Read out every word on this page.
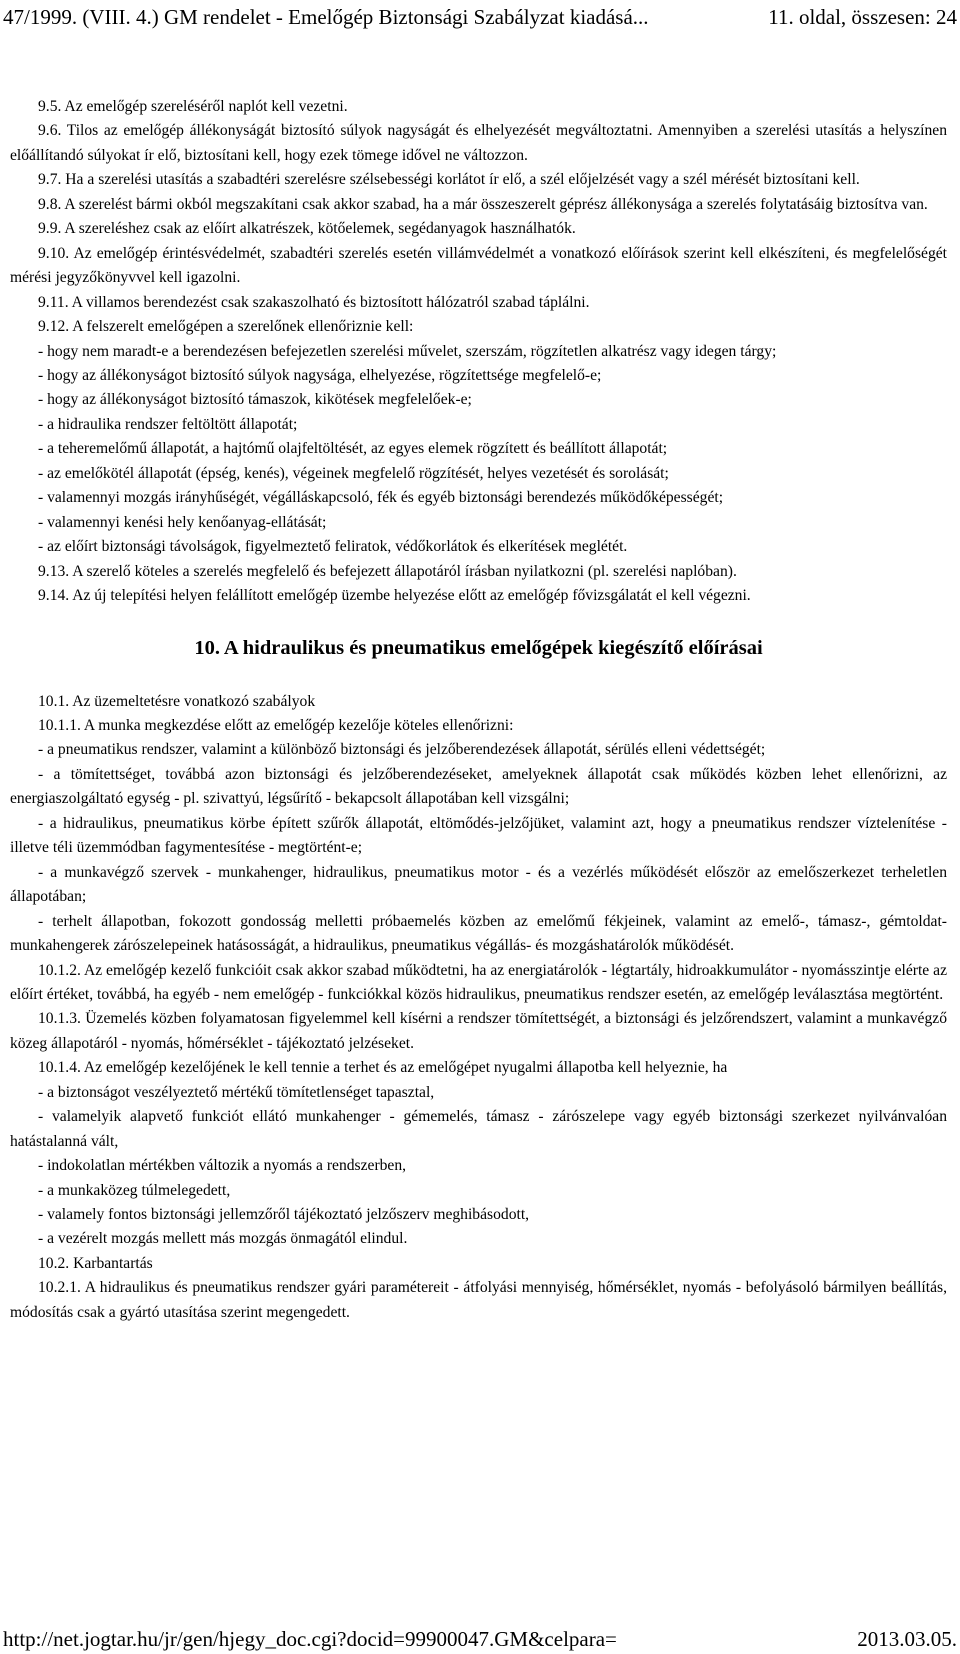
47/1999. (VIII. 4.) GM rendelet - Emelőgép Biztonsági Szabályzat kiadásá...	11. oldal, összesen: 24

9.5. Az emelőgép szereléséről naplót kell vezetni.

9.6. Tilos az emelőgép állékonyságát biztosító súlyok nagyságát és elhelyezését megváltoztatni. Amennyiben a szerelési utasítás a helyszínen előállítandó súlyokat ír elő, biztosítani kell, hogy ezek tömege idővel ne változzon.

9.7. Ha a szerelési utasítás a szabadtéri szerelésre szélsebességi korlátot ír elő, a szél előjelzését vagy a szél mérését biztosítani kell.

9.8. A szerelést bármi okból megszakítani csak akkor szabad, ha a már összeszerelt géprész állékonysága a szerelés folytatásáig biztosítva van.

9.9. A szereléshez csak az előírt alkatrészek, kötőelemek, segédanyagok használhatók.

9.10. Az emelőgép érintésvédelmét, szabadtéri szerelés esetén villámvédelmét a vonatkozó előírások szerint kell elkészíteni, és megfelelőségét mérési jegyzőkönyvvel kell igazolni.

9.11. A villamos berendezést csak szakaszolható és biztosított hálózatról szabad táplálni.

9.12. A felszerelt emelőgépen a szerelőnek ellenőriznie kell:

- hogy nem maradt-e a berendezésen befejezetlen szerelési művelet, szerszám, rögzítetlen alkatrész vagy idegen tárgy;

- hogy az állékonyságot biztosító súlyok nagysága, elhelyezése, rögzítettsége megfelelő-e;

- hogy az állékonyságot biztosító támaszok, kikötések megfelelőek-e;

- a hidraulika rendszer feltöltött állapotát;

- a teheremelőmű állapotát, a hajtómű olajfeltöltését, az egyes elemek rögzített és beállított állapotát;

- az emelőkötél állapotát (épség, kenés), végeinek megfelelő rögzítését, helyes vezetését és sorolását;

- valamennyi mozgás irányhűségét, végálláskapcsoló, fék és egyéb biztonsági berendezés működőképességét;

- valamennyi kenési hely kenőanyag-ellátását;

- az előírt biztonsági távolságok, figyelmeztető feliratok, védőkorlátok és elkerítések meglétét.

9.13. A szerelő köteles a szerelés megfelelő és befejezett állapotáról írásban nyilatkozni (pl. szerelési naplóban).

9.14. Az új telepítési helyen felállított emelőgép üzembe helyezése előtt az emelőgép fővizsgálatát el kell végezni.

10. A hidraulikus és pneumatikus emelőgépek kiegészítő előírásai

10.1. Az üzemeltetésre vonatkozó szabályok

10.1.1. A munka megkezdése előtt az emelőgép kezelője köteles ellenőrizni:

- a pneumatikus rendszer, valamint a különböző biztonsági és jelzőberendezések állapotát, sérülés elleni védettségét;

- a tömítettséget, továbbá azon biztonsági és jelzőberendezéseket, amelyeknek állapotát csak működés közben lehet ellenőrizni, az energiaszolgáltató egység - pl. szivattyú, légsűrítő - bekapcsolt állapotában kell vizsgálni;

- a hidraulikus, pneumatikus körbe épített szűrők állapotát, eltömődés-jelzőjüket, valamint azt, hogy a pneumatikus rendszer víztelenítése - illetve téli üzemmódban fagymentesítése - megtörtént-e;

- a munkavégző szervek - munkahenger, hidraulikus, pneumatikus motor - és a vezérlés működését először az emelőszerkezet terheletlen állapotában;

- terhelt állapotban, fokozott gondosság melletti próbaemelés közben az emelőmű fékjeinek, valamint az emelő-, támasz-, gémtoldat-munkahengerek zárószelepeinek hatásosságát, a hidraulikus, pneumatikus végállás- és mozgáshatárolók működését.

10.1.2. Az emelőgép kezelő funkcióit csak akkor szabad működtetni, ha az energiatárolók - légtartály, hidroakkumulátor - nyomásszintje elérte az előírt értéket, továbbá, ha egyéb - nem emelőgép - funkciókkal közös hidraulikus, pneumatikus rendszer esetén, az emelőgép leválasztása megtörtént.

10.1.3. Üzemelés közben folyamatosan figyelemmel kell kísérni a rendszer tömítettségét, a biztonsági és jelzőrendszert, valamint a munkavégző közeg állapotáról - nyomás, hőmérséklet - tájékoztató jelzéseket.

10.1.4. Az emelőgép kezelőjének le kell tennie a terhet és az emelőgépet nyugalmi állapotba kell helyeznie, ha

- a biztonságot veszélyeztető mértékű tömítetlenséget tapasztal,

- valamelyik alapvető funkciót ellátó munkahenger - gémemelés, támasz - zárószelepe vagy egyéb biztonsági szerkezet nyilvánvalóan hatástalanná vált,

- indokolatlan mértékben változik a nyomás a rendszerben,

- a munkaközeg túlmelegedett,

- valamely fontos biztonsági jellemzőről tájékoztató jelzőszerv meghibásodott,

- a vezérelt mozgás mellett más mozgás önmagától elindul.

10.2. Karbantartás

10.2.1. A hidraulikus és pneumatikus rendszer gyári paramétereit - átfolyási mennyiség, hőmérséklet, nyomás - befolyásoló bármilyen beállítás, módosítás csak a gyártó utasítása szerint megengedett.

http://net.jogtar.hu/jr/gen/hjegy_doc.cgi?docid=99900047.GM&celpara=	2013.03.05.
